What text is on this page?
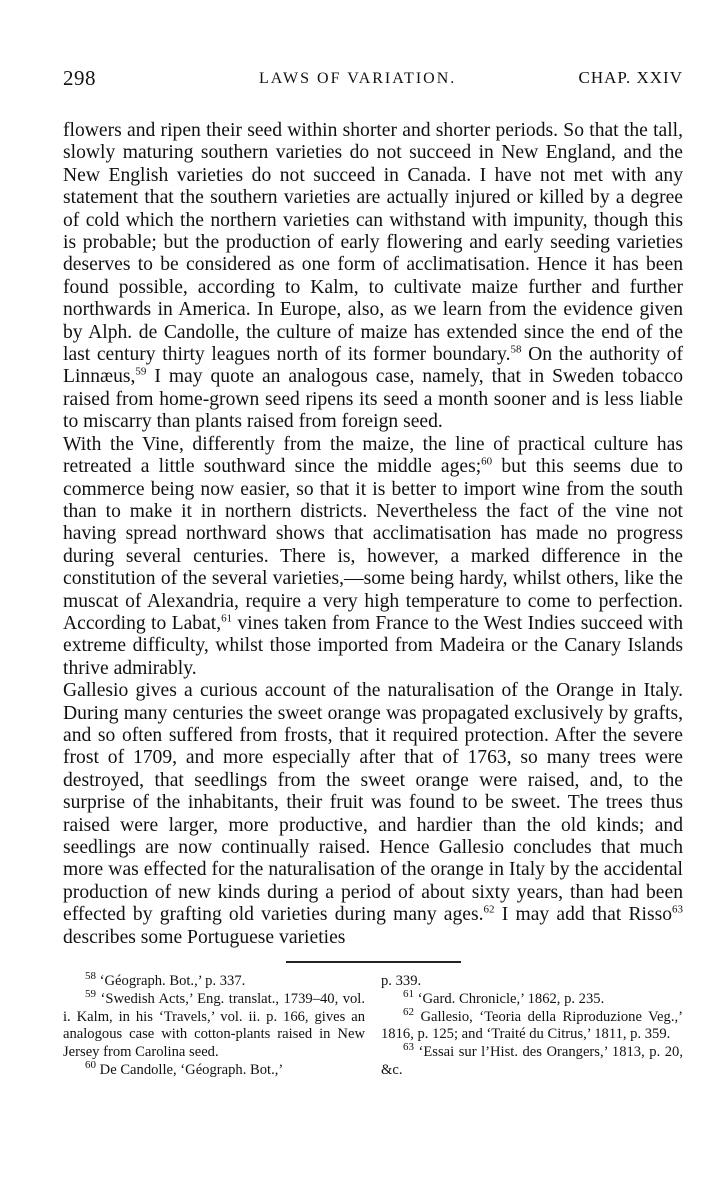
298	LAWS OF VARIATION.	CHAP. XXIV

flowers and ripen their seed within shorter and shorter periods. So that the tall, slowly maturing southern varieties do not succeed in New England, and the New English varieties do not succeed in Canada. I have not met with any statement that the southern varieties are actually injured or killed by a degree of cold which the northern varieties can withstand with impunity, though this is probable; but the production of early flowering and early seeding varieties deserves to be considered as one form of acclimatisation. Hence it has been found possible, according to Kalm, to cultivate maize further and further northwards in America. In Europe, also, as we learn from the evidence given by Alph. de Candolle, the culture of maize has extended since the end of the last century thirty leagues north of its former boundary.$^{58}$ On the authority of Linnæus,$^{59}$ I may quote an analogous case, namely, that in Sweden tobacco raised from home-grown seed ripens its seed a month sooner and is less liable to miscarry than plants raised from foreign seed.

With the Vine, differently from the maize, the line of practical culture has retreated a little southward since the middle ages;$^{60}$ but this seems due to commerce being now easier, so that it is better to import wine from the south than to make it in northern districts. Nevertheless the fact of the vine not having spread northward shows that acclimatisation has made no progress during several centuries. There is, however, a marked difference in the constitution of the several varieties,—some being hardy, whilst others, like the muscat of Alexandria, require a very high temperature to come to perfection. According to Labat,$^{61}$ vines taken from France to the West Indies succeed with extreme difficulty, whilst those imported from Madeira or the Canary Islands thrive admirably.

Gallesio gives a curious account of the naturalisation of the Orange in Italy. During many centuries the sweet orange was propagated exclusively by grafts, and so often suffered from frosts, that it required protection. After the severe frost of 1709, and more especially after that of 1763, so many trees were destroyed, that seedlings from the sweet orange were raised, and, to the surprise of the inhabitants, their fruit was found to be sweet. The trees thus raised were larger, more productive, and hardier than the old kinds; and seedlings are now continually raised. Hence Gallesio concludes that much more was effected for the naturalisation of the orange in Italy by the accidental production of new kinds during a period of about sixty years, than had been effected by grafting old varieties during many ages.$^{62}$ I may add that Risso$^{63}$ describes some Portuguese varieties

$^{58}$ ‘Géograph. Bot.,’ p. 337.

$^{59}$ ‘Swedish Acts,’ Eng. translat., 1739–40, vol. i. Kalm, in his ‘Travels,’ vol. ii. p. 166, gives an analogous case with cotton-plants raised in New Jersey from Carolina seed.

$^{60}$ De Candolle, ‘Géograph. Bot.,’

p. 339.

$^{61}$ ‘Gard. Chronicle,’ 1862, p. 235.

$^{62}$ Gallesio, ‘Teoria della Riproduzione Veg.,’ 1816, p. 125; and ‘Traité du Citrus,’ 1811, p. 359.

$^{63}$ ‘Essai sur l’Hist. des Orangers,’ 1813, p. 20, &c.
